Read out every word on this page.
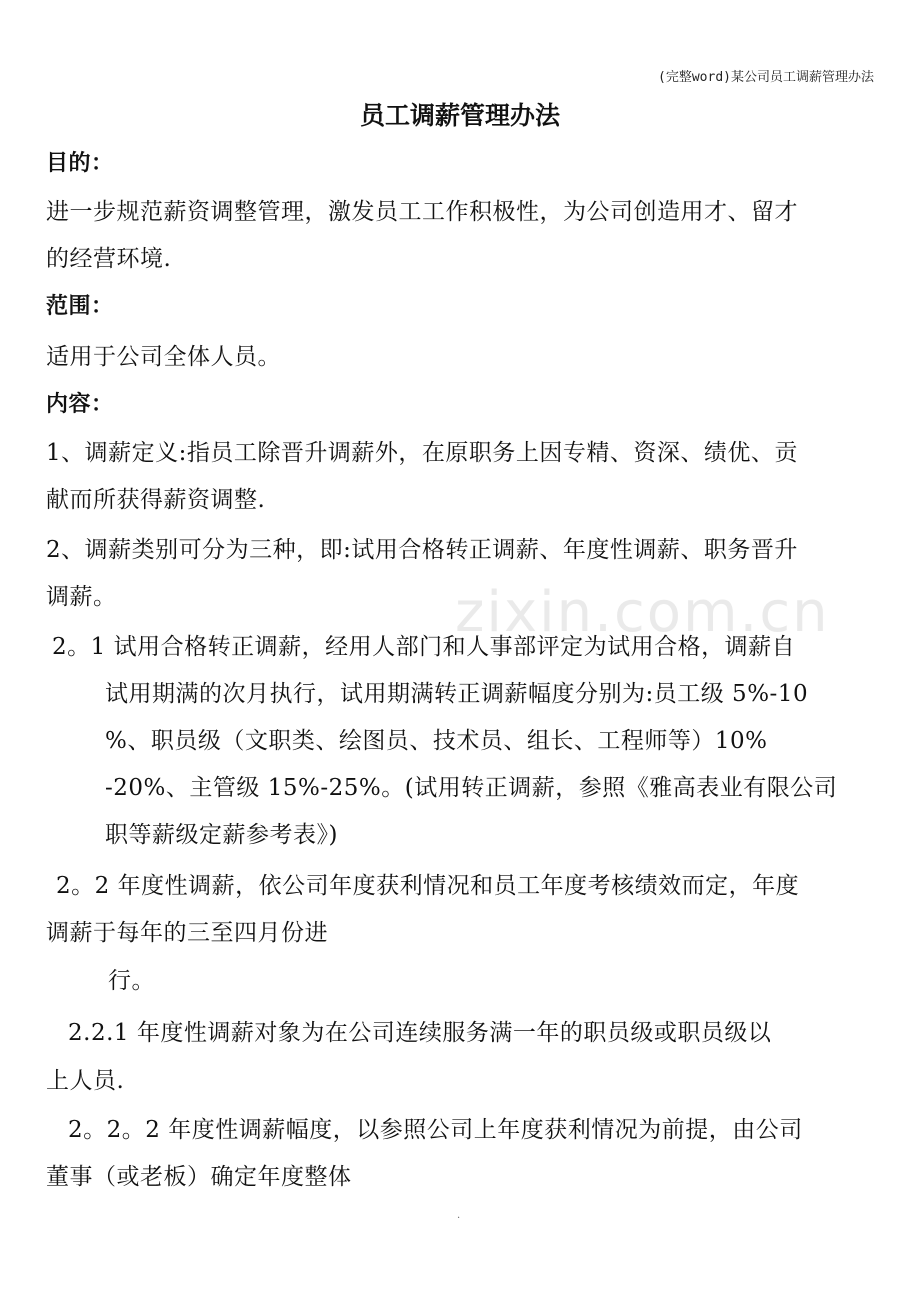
(完整word)某公司员工调薪管理办法
员工调薪管理办法
zixin.com.cn
目的：
进一步规范薪资调整管理，激发员工工作积极性，为公司创造用才、留才
的经营环境.
范围：
适用于公司全体人员。
内容：
1、调薪定义:指员工除晋升调薪外，在原职务上因专精、资深、绩优、贡
献而所获得薪资调整.
2、调薪类别可分为三种，即:试用合格转正调薪、年度性调薪、职务晋升
调薪。
2。1 试用合格转正调薪，经用人部门和人事部评定为试用合格，调薪自
试用期满的次月执行，试用期满转正调薪幅度分别为:员工级 5%-10
%、职员级（文职类、绘图员、技术员、组长、工程师等）10%
-20%、主管级 15%-25%。(试用转正调薪，参照《雅高表业有限公司
职等薪级定薪参考表》)
2。2 年度性调薪，依公司年度获利情况和员工年度考核绩效而定，年度
调薪于每年的三至四月份进
行。
2.2.1 年度性调薪对象为在公司连续服务满一年的职员级或职员级以
上人员.
2。2。2 年度性调薪幅度，以参照公司上年度获利情况为前提，由公司
董事（或老板）确定年度整体
.
